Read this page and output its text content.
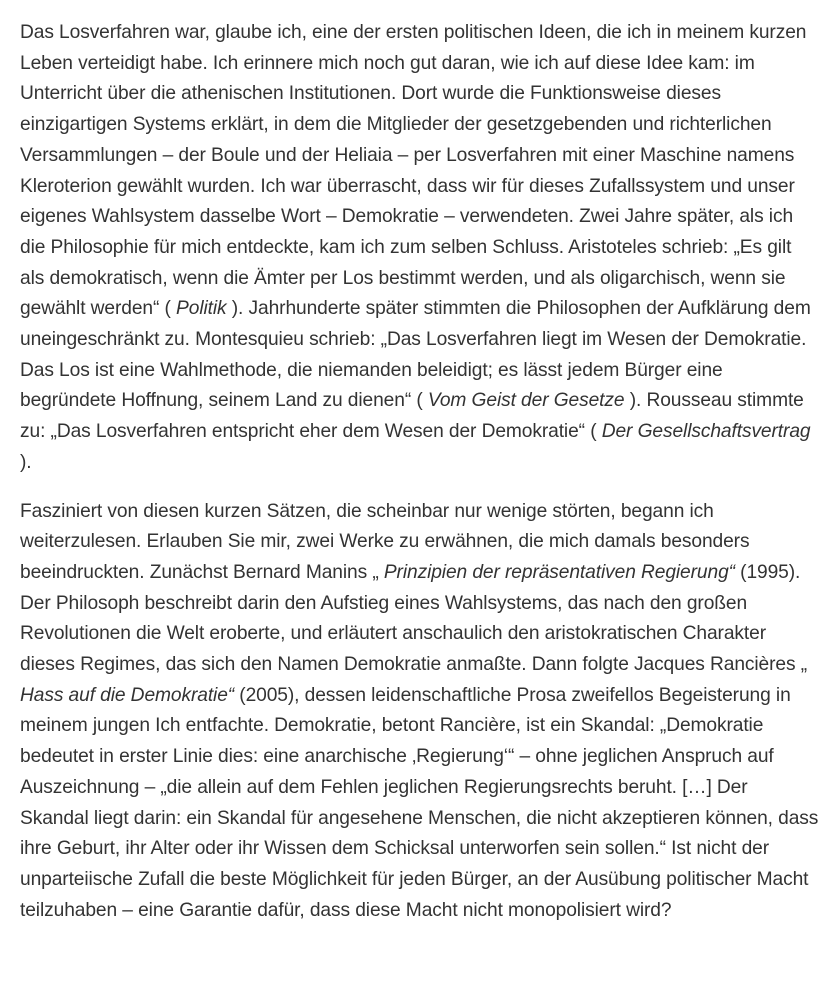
Das Losverfahren war, glaube ich, eine der ersten politischen Ideen, die ich in meinem kurzen Leben verteidigt habe. Ich erinnere mich noch gut daran, wie ich auf diese Idee kam: im Unterricht über die athenischen Institutionen. Dort wurde die Funktionsweise dieses einzigartigen Systems erklärt, in dem die Mitglieder der gesetzgebenden und richterlichen Versammlungen – der Boule und der Heliaia – per Losverfahren mit einer Maschine namens Kleroterion gewählt wurden. Ich war überrascht, dass wir für dieses Zufallssystem und unser eigenes Wahlsystem dasselbe Wort – Demokratie – verwendeten. Zwei Jahre später, als ich die Philosophie für mich entdeckte, kam ich zum selben Schluss. Aristoteles schrieb: „Es gilt als demokratisch, wenn die Ämter per Los bestimmt werden, und als oligarchisch, wenn sie gewählt werden“ ( Politik ). Jahrhunderte später stimmten die Philosophen der Aufklärung dem uneingeschränkt zu. Montesquieu schrieb: „Das Losverfahren liegt im Wesen der Demokratie. Das Los ist eine Wahlmethode, die niemanden beleidigt; es lässt jedem Bürger eine begründete Hoffnung, seinem Land zu dienen“ ( Vom Geist der Gesetze ). Rousseau stimmte zu: „Das Losverfahren entspricht eher dem Wesen der Demokratie“ ( Der Gesellschaftsvertrag ).

Fasziniert von diesen kurzen Sätzen, die scheinbar nur wenige störten, begann ich weiterzulesen. Erlauben Sie mir, zwei Werke zu erwähnen, die mich damals besonders beeindruckten. Zunächst Bernard Manins „ Prinzipien der repräsentativen Regierung“ (1995). Der Philosoph beschreibt darin den Aufstieg eines Wahlsystems, das nach den großen Revolutionen die Welt eroberte, und erläutert anschaulich den aristokratischen Charakter dieses Regimes, das sich den Namen Demokratie anmaßte. Dann folgte Jacques Rancières „ Hass auf die Demokratie“ (2005), dessen leidenschaftliche Prosa zweifellos Begeisterung in meinem jungen Ich entfachte. Demokratie, betont Rancière, ist ein Skandal: „Demokratie bedeutet in erster Linie dies: eine anarchische ‚Regierung‘“ – ohne jeglichen Anspruch auf Auszeichnung – „die allein auf dem Fehlen jeglichen Regierungsrechts beruht. […] Der Skandal liegt darin: ein Skandal für angesehene Menschen, die nicht akzeptieren können, dass ihre Geburt, ihr Alter oder ihr Wissen dem Schicksal unterworfen sein sollen.“ Ist nicht der unparteiische Zufall die beste Möglichkeit für jeden Bürger, an der Ausübung politischer Macht teilzuhaben – eine Garantie dafür, dass diese Macht nicht monopolisiert wird?
